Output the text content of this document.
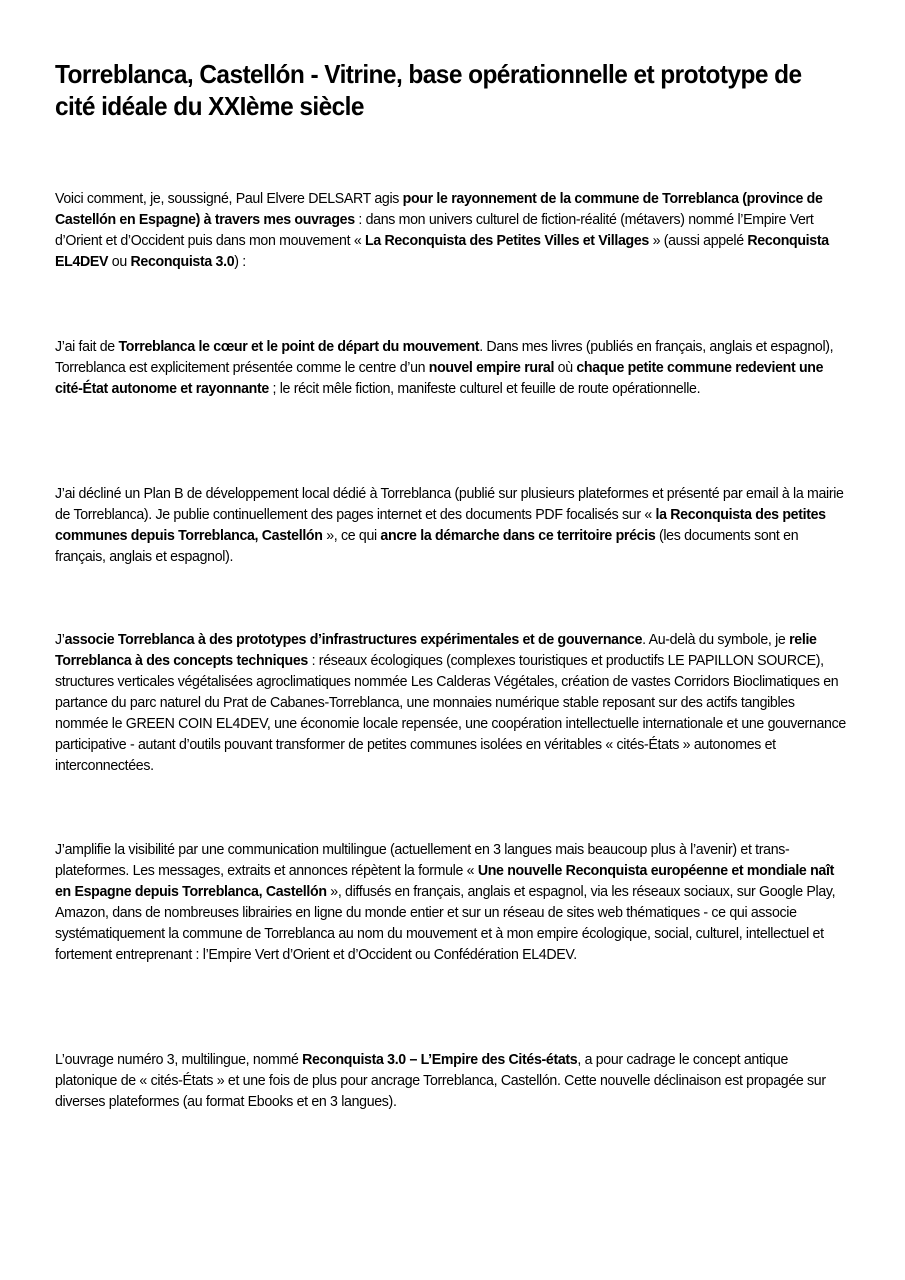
Torreblanca, Castellón - Vitrine, base opérationnelle et prototype de cité idéale du XXIème siècle

Voici comment, je, soussigné, Paul Elvere DELSART agis pour le rayonnement de la commune de Torreblanca (province de Castellón en Espagne) à travers mes ouvrages : dans mon univers culturel de fiction-réalité (métavers) nommé l’Empire Vert d’Orient et d’Occident puis dans mon mouvement « La Reconquista des Petites Villes et Villages » (aussi appelé Reconquista EL4DEV ou Reconquista 3.0) :

J’ai fait de Torreblanca le cœur et le point de départ du mouvement. Dans mes livres (publiés en français, anglais et espagnol), Torreblanca est explicitement présentée comme le centre d’un nouvel empire rural où chaque petite commune redevient une cité-État autonome et rayonnante ; le récit mêle fiction, manifeste culturel et feuille de route opérationnelle.

J’ai décliné un Plan B de développement local dédié à Torreblanca (publié sur plusieurs plateformes et présenté par email à la mairie de Torreblanca). Je publie continuellement des pages internet et des documents PDF focalisés sur « la Reconquista des petites communes depuis Torreblanca, Castellón », ce qui ancre la démarche dans ce territoire précis (les documents sont en français, anglais et espagnol).

J’associe Torreblanca à des prototypes d’infrastructures expérimentales et de gouvernance. Au-delà du symbole, je relie Torreblanca à des concepts techniques : réseaux écologiques (complexes touristiques et productifs LE PAPILLON SOURCE), structures verticales végétalisées agroclimatiques nommée Les Calderas Végétales, création de vastes Corridors Bioclimatiques en partance du parc naturel du Prat de Cabanes-Torreblanca, une monnaies numérique stable reposant sur des actifs tangibles nommée le GREEN COIN EL4DEV, une économie locale repensée, une coopération intellectuelle internationale et une gouvernance participative - autant d’outils pouvant transformer de petites communes isolées en véritables « cités-États » autonomes et interconnectées.

J’amplifie la visibilité par une communication multilingue (actuellement en 3 langues mais beaucoup plus à l’avenir) et trans-plateformes. Les messages, extraits et annonces répètent la formule « Une nouvelle Reconquista européenne et mondiale naît en Espagne depuis Torreblanca, Castellón », diffusés en français, anglais et espagnol, via les réseaux sociaux, sur Google Play, Amazon, dans de nombreuses librairies en ligne du monde entier et sur un réseau de sites web thématiques - ce qui associe systématiquement la commune de Torreblanca au nom du mouvement et à mon empire écologique, social, culturel, intellectuel et fortement entreprenant : l’Empire Vert d’Orient et d’Occident ou Confédération EL4DEV.

L’ouvrage numéro 3, multilingue, nommé Reconquista 3.0 – L’Empire des Cités-états, a pour cadrage le concept antique platonique de « cités-États » et une fois de plus pour ancrage Torreblanca, Castellón. Cette nouvelle déclinaison est propagée sur diverses plateformes (au format Ebooks et en 3 langues).
